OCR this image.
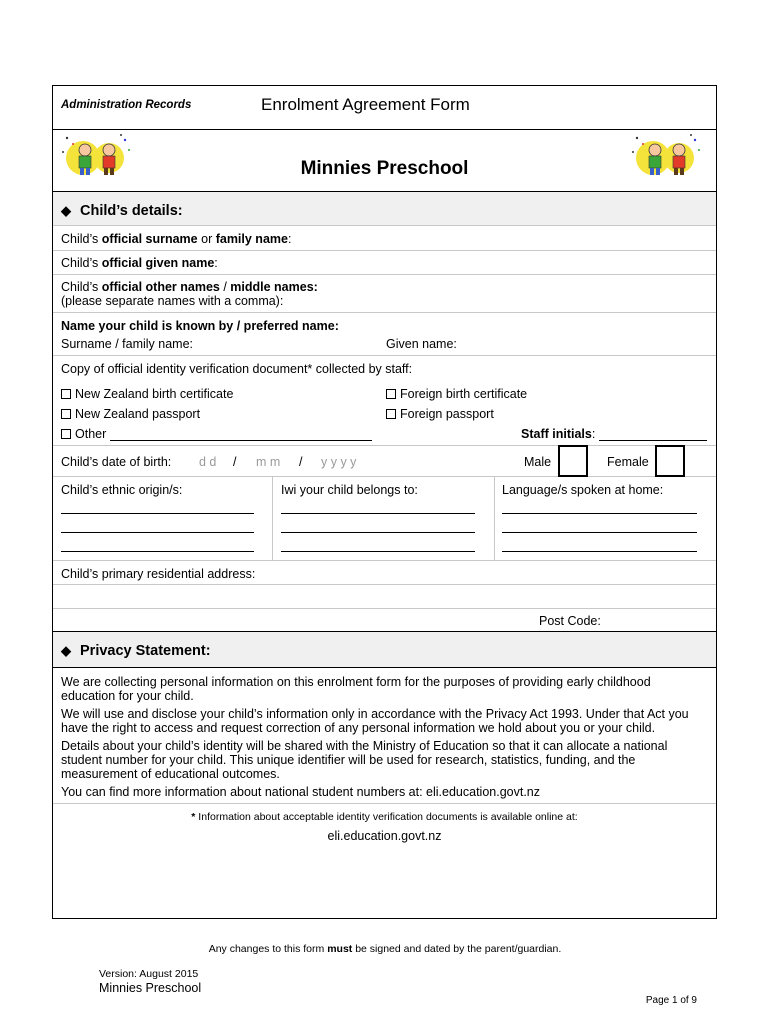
Administration Records	Enrolment Agreement Form
Minnies Preschool
◆ Child’s details:
Child’s official surname or family name:
Child’s official given name:
Child’s official other names / middle names:
(please separate names with a comma):
Name your child is known by / preferred name:
Surname / family name:	Given name:
Copy of official identity verification document* collected by staff:
New Zealand birth certificate	Foreign birth certificate
New Zealand passport	Foreign passport
Other	Staff initials:
Child’s date of birth: d d / m m / y y y y	Male	Female
Child’s ethnic origin/s:	Iwi your child belongs to:	Language/s spoken at home:
Child’s primary residential address:
Post Code:
◆ Privacy Statement:

We are collecting personal information on this enrolment form for the purposes of providing early childhood education for your child.

We will use and disclose your child’s information only in accordance with the Privacy Act 1993. Under that Act you have the right to access and request correction of any personal information we hold about you or your child.

Details about your child’s identity will be shared with the Ministry of Education so that it can allocate a national student number for your child. This unique identifier will be used for research, statistics, funding, and the measurement of educational outcomes.

You can find more information about national student numbers at: eli.education.govt.nz

* Information about acceptable identity verification documents is available online at:
eli.education.govt.nz
Any changes to this form must be signed and dated by the parent/guardian.
Version: August 2015
Minnies Preschool
Page 1 of 9
